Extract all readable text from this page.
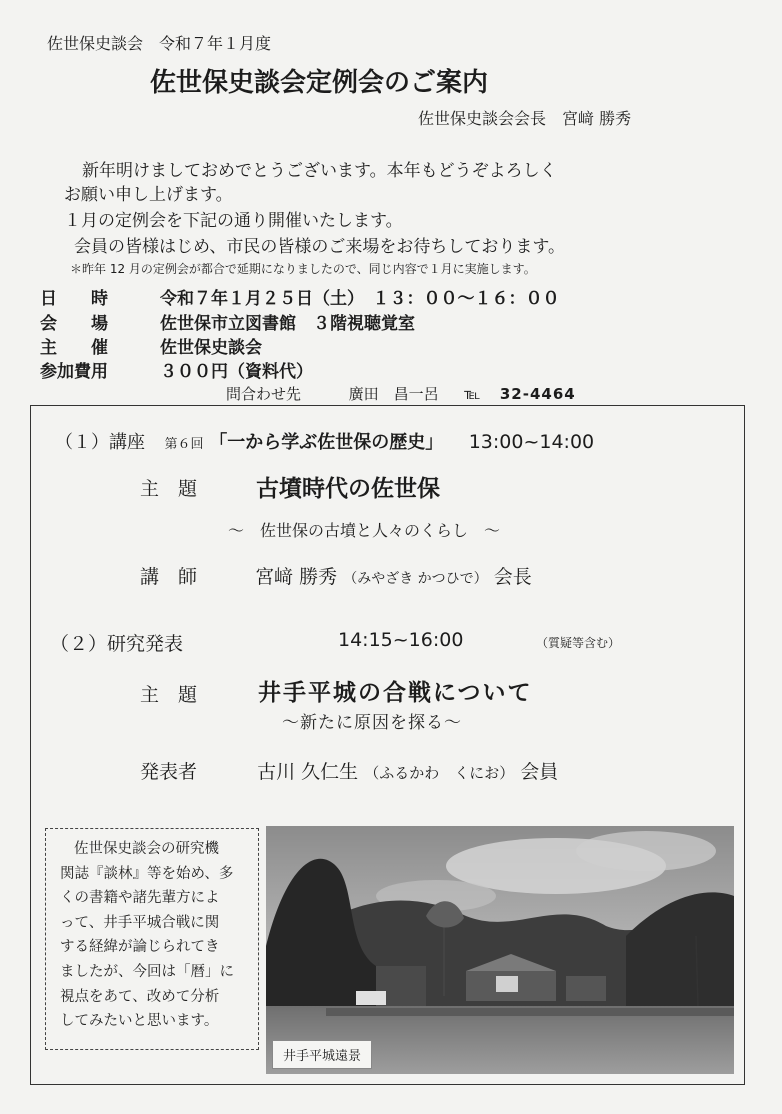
佐世保史談会　令和７年１月度
佐世保史談会定例会のご案内
佐世保史談会会長　宮﨑 勝秀
新年明けましておめでとうございます。本年もどうぞよろしく
お願い申し上げます。
１月の定例会を下記の通り開催いたします。
会員の皆様はじめ、市民の皆様のご来場をお待ちしております。
＊昨年 12 月の定例会が都合で延期になりましたので、同じ内容で１月に実施します。
日　　時	令和７年１月２５日（土）　１３：００〜１６：００
会　　場	佐世保市立図書館　３階視聴覚室
主　　催	佐世保史談会
参加費用	３００円（資料代）
問合わせ先	廣田　昌一呂 ℡ 32-4464
（１）講座 第６回 「一から学ぶ佐世保の歴史」 13:00~14:00
主　題	古墳時代の佐世保
〜　佐世保の古墳と人々のくらし　〜
講　師	宮﨑 勝秀 （みやざき かつひで） 会長
（２）研究発表	14:15~16:00	（質疑等含む）
主　題	井手平城の合戦について
〜新たに原因を探る〜
発表者	古川 久仁生 （ふるかわ　くにお） 会員
佐世保史談会の研究機
関誌『談林』等を始め、多
くの書籍や諸先輩方によ
って、井手平城合戦に関
する経緯が論じられてき
ましたが、今回は「暦」に
視点をあて、改めて分析
してみたいと思います。
井手平城遠景
